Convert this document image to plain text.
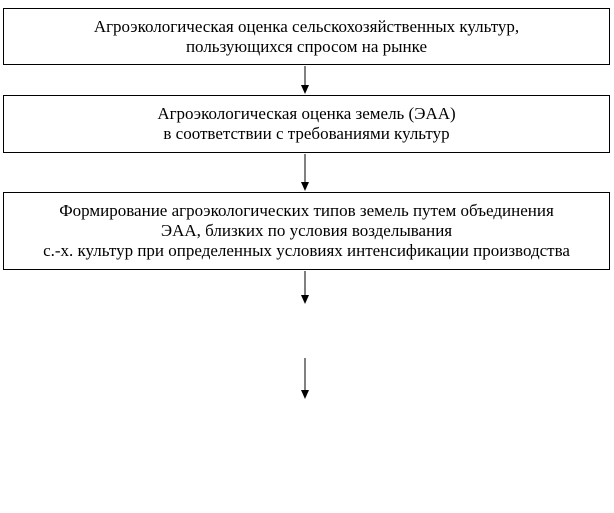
Агроэкологическая оценка сельскохозяйственных культур,
пользующихся спросом на рынке
Агроэкологическая оценка земель (ЭАА)
в соответствии с требованиями культур
Формирование агроэкологических типов земель путем объединения
ЭАА, близких по условия возделывания
с.-х. культур при определенных условиях интенсификации производства
